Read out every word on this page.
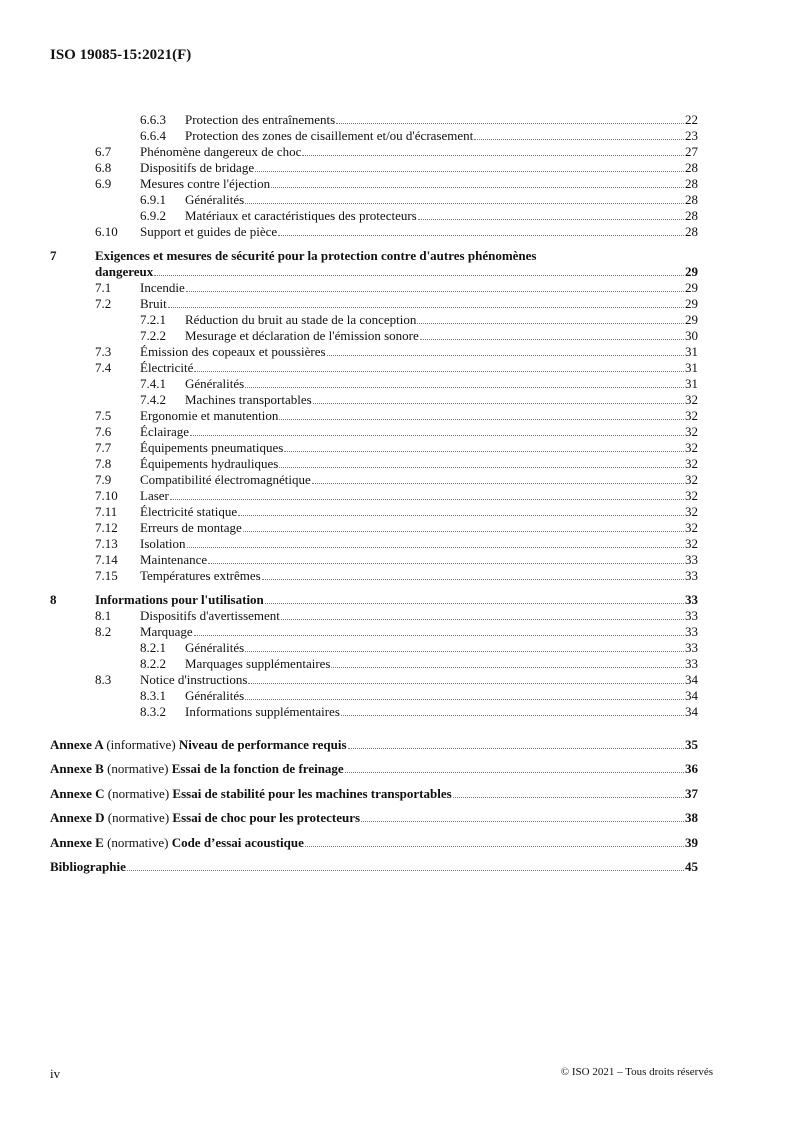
ISO 19085-15:2021(F)
6.6.3	Protection des entraînements	22
6.6.4	Protection des zones de cisaillement et/ou d'écrasement	23
6.7	Phénomène dangereux de choc	27
6.8	Dispositifs de bridage	28
6.9	Mesures contre l'éjection	28
6.9.1	Généralités	28
6.9.2	Matériaux et caractéristiques des protecteurs	28
6.10	Support et guides de pièce	28
7	Exigences et mesures de sécurité pour la protection contre d'autres phénomènes
dangereux	29
7.1	Incendie	29
7.2	Bruit	29
7.2.1	Réduction du bruit au stade de la conception	29
7.2.2	Mesurage et déclaration de l'émission sonore	30
7.3	Émission des copeaux et poussières	31
7.4	Électricité	31
7.4.1	Généralités	31
7.4.2	Machines transportables	32
7.5	Ergonomie et manutention	32
7.6	Éclairage	32
7.7	Équipements pneumatiques	32
7.8	Équipements hydrauliques	32
7.9	Compatibilité électromagnétique	32
7.10	Laser	32
7.11	Électricité statique	32
7.12	Erreurs de montage	32
7.13	Isolation	32
7.14	Maintenance	33
7.15	Températures extrêmes	33
8	Informations pour l'utilisation	33
8.1	Dispositifs d'avertissement	33
8.2	Marquage	33
8.2.1	Généralités	33
8.2.2	Marquages supplémentaires	33
8.3	Notice d'instructions	34
8.3.1	Généralités	34
8.3.2	Informations supplémentaires	34
Annexe A (informative) Niveau de performance requis	35
Annexe B (normative) Essai de la fonction de freinage	36
Annexe C (normative) Essai de stabilité pour les machines transportables	37
Annexe D (normative) Essai de choc pour les protecteurs	38
Annexe E (normative) Code d’essai acoustique	39
Bibliographie	45
iv	© ISO 2021 – Tous droits réservés
